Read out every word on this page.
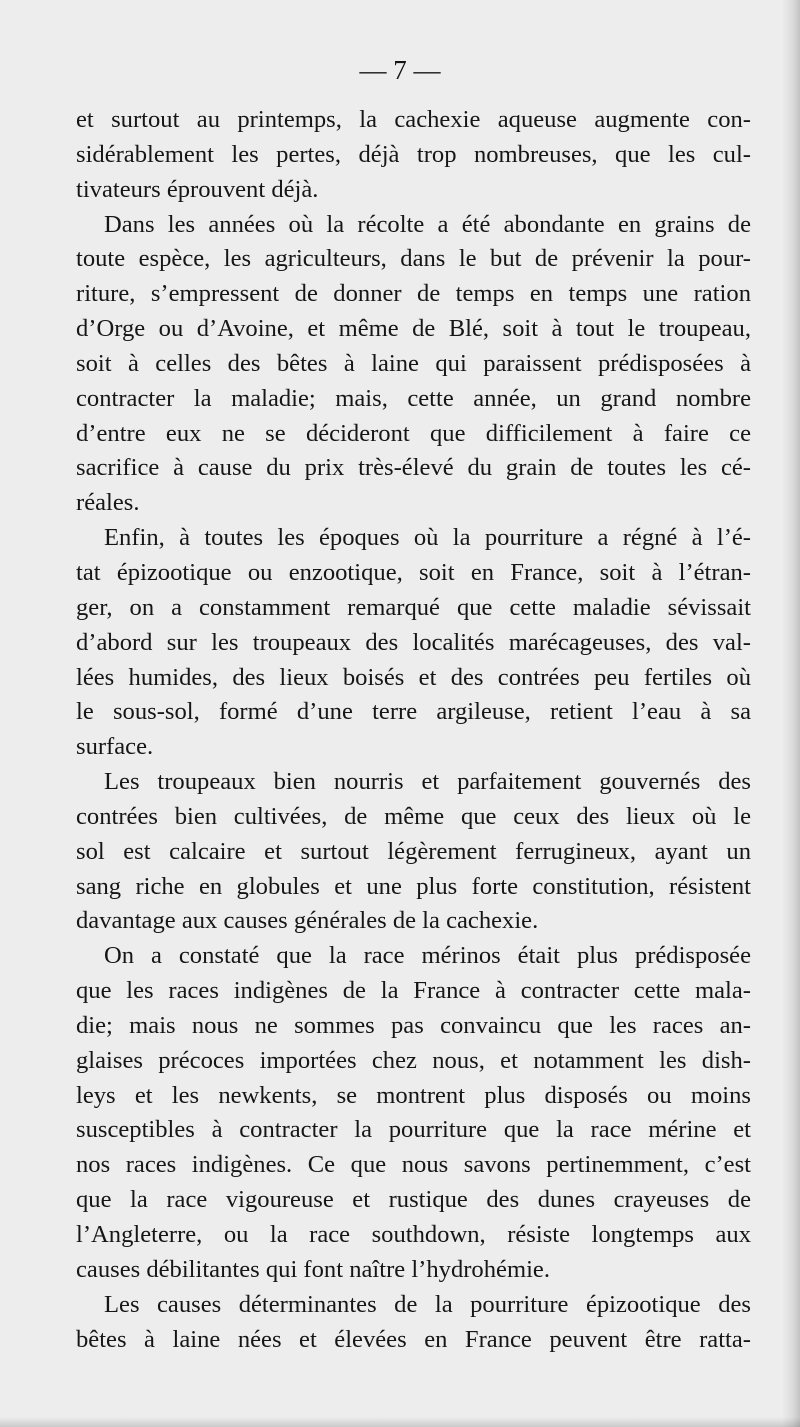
— 7 —
et surtout au printemps, la cachexie aqueuse augmente con-
sidérablement les pertes, déjà trop nombreuses, que les cul-
tivateurs éprouvent déjà.
Dans les années où la récolte a été abondante en grains de
toute espèce, les agriculteurs, dans le but de prévenir la pour-
riture, s’empressent de donner de temps en temps une ration
d’Orge ou d’Avoine, et même de Blé, soit à tout le troupeau,
soit à celles des bêtes à laine qui paraissent prédisposées à
contracter la maladie; mais, cette année, un grand nombre
d’entre eux ne se décideront que difficilement à faire ce
sacrifice à cause du prix très-élevé du grain de toutes les cé-
réales.
Enfin, à toutes les époques où la pourriture a régné à l’é-
tat épizootique ou enzootique, soit en France, soit à l’étran-
ger, on a constamment remarqué que cette maladie sévissait
d’abord sur les troupeaux des localités marécageuses, des val-
lées humides, des lieux boisés et des contrées peu fertiles où
le sous-sol, formé d’une terre argileuse, retient l’eau à sa
surface.
Les troupeaux bien nourris et parfaitement gouvernés des
contrées bien cultivées, de même que ceux des lieux où le
sol est calcaire et surtout légèrement ferrugineux, ayant un
sang riche en globules et une plus forte constitution, résistent
davantage aux causes générales de la cachexie.
On a constaté que la race mérinos était plus prédisposée
que les races indigènes de la France à contracter cette mala-
die; mais nous ne sommes pas convaincu que les races an-
glaises précoces importées chez nous, et notamment les dish-
leys et les newkents, se montrent plus disposés ou moins
susceptibles à contracter la pourriture que la race mérine et
nos races indigènes. Ce que nous savons pertinemment, c’est
que la race vigoureuse et rustique des dunes crayeuses de
l’Angleterre, ou la race southdown, résiste longtemps aux
causes débilitantes qui font naître l’hydrohémie.
Les causes déterminantes de la pourriture épizootique des
bêtes à laine nées et élevées en France peuvent être ratta-
